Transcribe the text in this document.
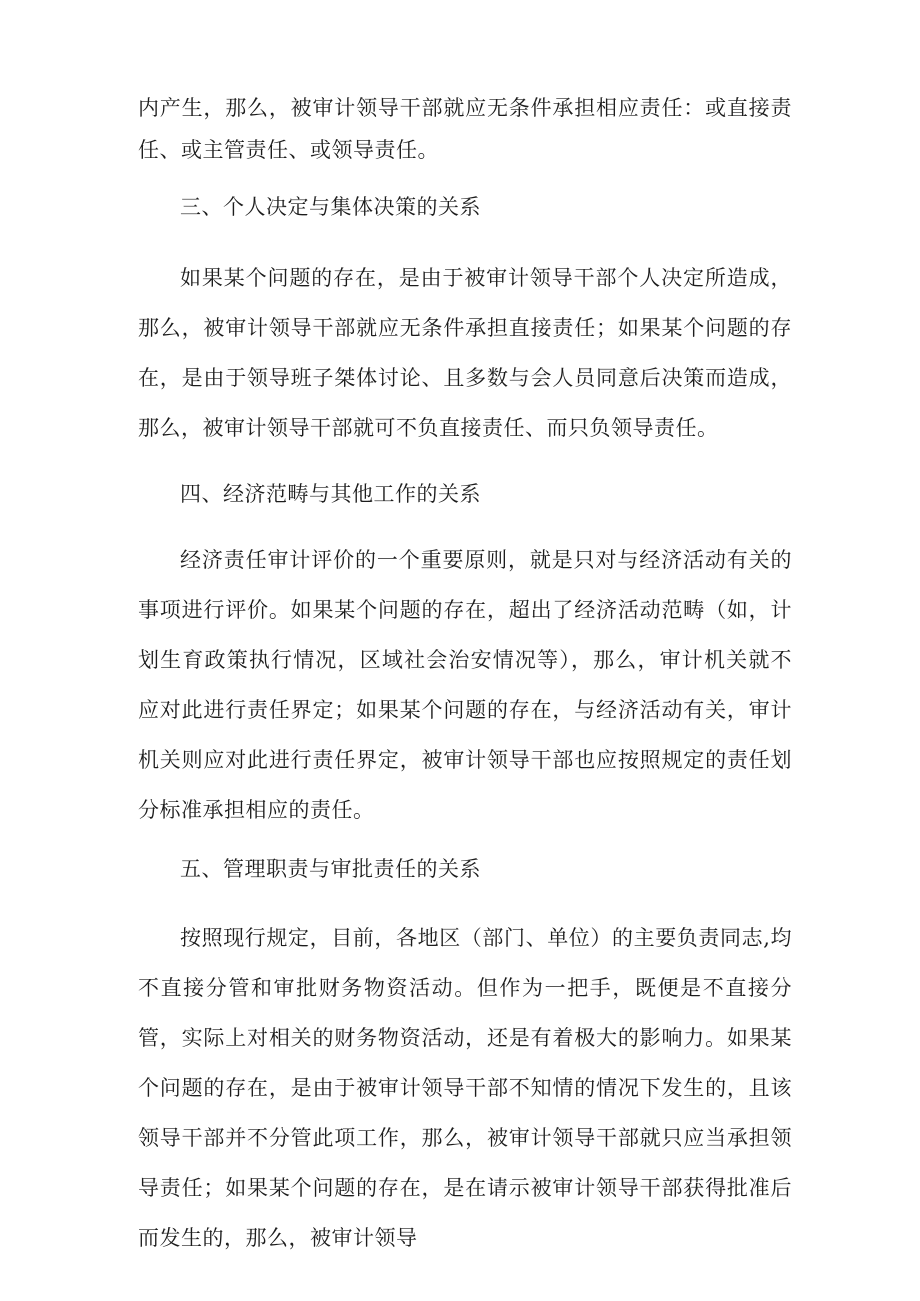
内产生，那么，被审计领导干部就应无条件承担相应责任：或直接责任、或主管责任、或领导责任。

三、个人决定与集体决策的关系

如果某个问题的存在，是由于被审计领导干部个人决定所造成，那么，被审计领导干部就应无条件承担直接责任；如果某个问题的存在，是由于领导班子桀体讨论、且多数与会人员同意后决策而造成，那么，被审计领导干部就可不负直接责任、而只负领导责任。

四、经济范畴与其他工作的关系

经济责任审计评价的一个重要原则，就是只对与经济活动有关的事项进行评价。如果某个问题的存在，超出了经济活动范畴（如，计划生育政策执行情况，区域社会治安情况等），那么，审计机关就不应对此进行责任界定；如果某个问题的存在，与经济活动有关，审计机关则应对此进行责任界定，被审计领导干部也应按照规定的责任划分标准承担相应的责任。

五、管理职责与审批责任的关系

按照现行规定，目前，各地区（部门、单位）的主要负责同志,均不直接分管和审批财务物资活动。但作为一把手，既便是不直接分管，实际上对相关的财务物资活动，还是有着极大的影响力。如果某个问题的存在，是由于被审计领导干部不知情的情况下发生的，且该领导干部并不分管此项工作，那么，被审计领导干部就只应当承担领导责任；如果某个问题的存在，是在请示被审计领导干部获得批准后而发生的，那么，被审计领导
